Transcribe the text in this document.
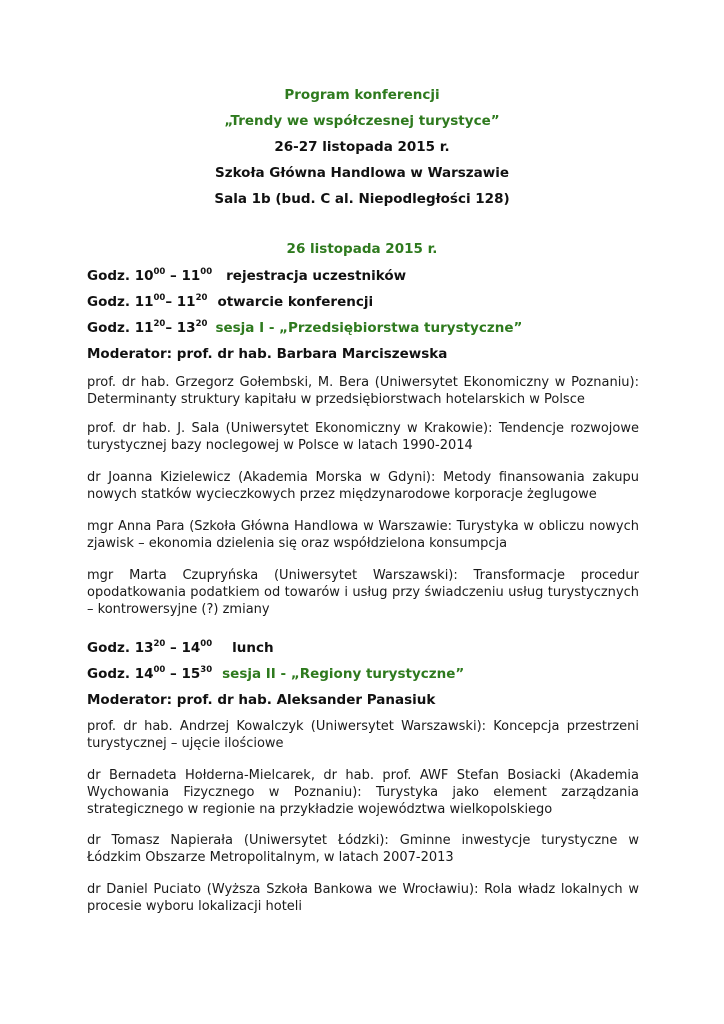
Program konferencji
„Trendy we współczesnej turystyce”
26-27 listopada 2015 r.
Szkoła Główna Handlowa w Warszawie
Sala 1b (bud. C al. Niepodległości 128)
26 listopada 2015 r.
Godz. $10^{00} - 11^{00}$ rejestracja uczestników
Godz. $11^{00}-$ $11^{20}$ otwarcie konferencji
Godz. $11^{20}-$ $13^{20}$ sesja I - „Przedsiębiorstwa turystyczne”
Moderator: prof. dr hab. Barbara Marciszewska
prof. dr hab. Grzegorz Gołembski, M. Bera (Uniwersytet Ekonomiczny w Poznaniu): Determinanty struktury kapitału w przedsiębiorstwach hotelarskich w Polsce
prof. dr hab. J. Sala (Uniwersytet Ekonomiczny w Krakowie): Tendencje rozwojowe turystycznej bazy noclegowej w Polsce w latach 1990-2014
dr Joanna Kizielewicz (Akademia Morska w Gdyni): Metody finansowania zakupu nowych statków wycieczkowych przez międzynarodowe korporacje żeglugowe
mgr Anna Para (Szkoła Główna Handlowa w Warszawie: Turystyka w obliczu nowych zjawisk – ekonomia dzielenia się oraz współdzielona konsumpcja
mgr Marta Czupryńska (Uniwersytet Warszawski): Transformacje procedur opodatkowania podatkiem od towarów i usług przy świadczeniu usług turystycznych – kontrowersyjne (?) zmiany
Godz. $13^{20} - 14^{00}$ lunch
Godz. $14^{00} - 15^{30}$ sesja II - „Regiony turystyczne”
Moderator: prof. dr hab. Aleksander Panasiuk
prof. dr hab. Andrzej Kowalczyk (Uniwersytet Warszawski): Koncepcja przestrzeni turystycznej – ujęcie ilościowe
dr Bernadeta Hołderna-Mielcarek, dr hab. prof. AWF Stefan Bosiacki (Akademia Wychowania Fizycznego w Poznaniu): Turystyka jako element zarządzania strategicznego w regionie na przykładzie województwa wielkopolskiego
dr Tomasz Napierała (Uniwersytet Łódzki): Gminne inwestycje turystyczne w Łódzkim Obszarze Metropolitalnym, w latach 2007-2013
dr Daniel Puciato (Wyższa Szkoła Bankowa we Wrocławiu): Rola władz lokalnych w procesie wyboru lokalizacji hoteli
